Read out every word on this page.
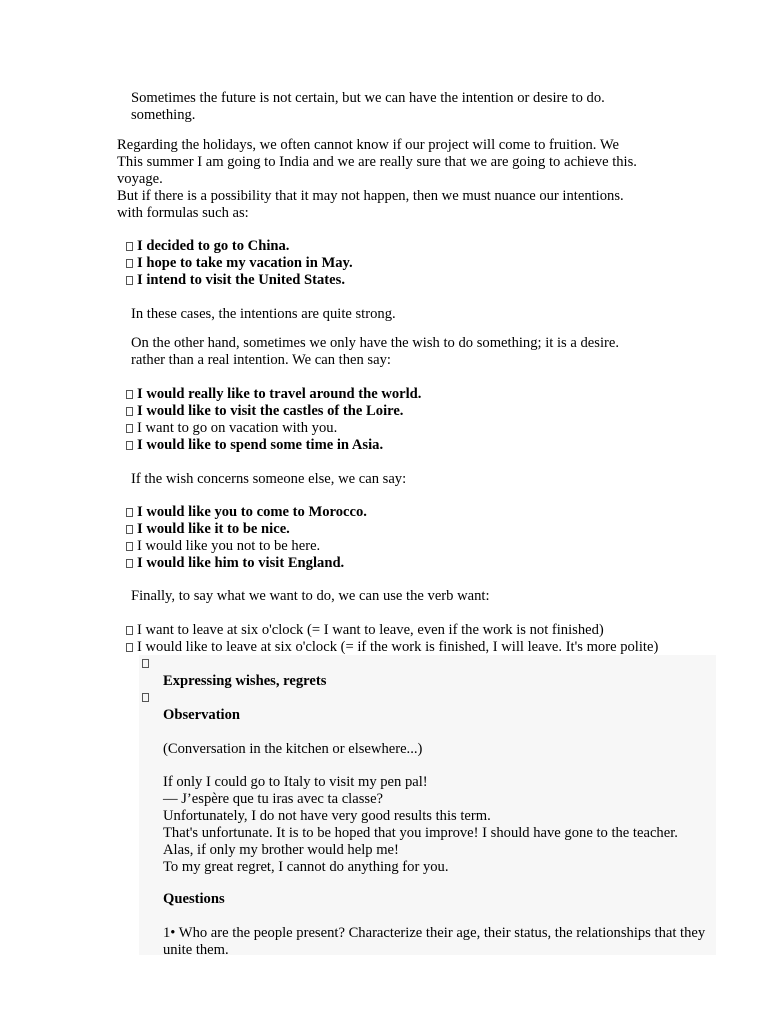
Sometimes the future is not certain, but we can have the intention or desire to do.
something.
Regarding the holidays, we often cannot know if our project will come to fruition. We
This summer I am going to India and we are really sure that we are going to achieve this.
voyage.
But if there is a possibility that it may not happen, then we must nuance our intentions.
with formulas such as:
I decided to go to China.
I hope to take my vacation in May.
I intend to visit the United States.
In these cases, the intentions are quite strong.
On the other hand, sometimes we only have the wish to do something; it is a desire.
rather than a real intention. We can then say:
I would really like to travel around the world.
I would like to visit the castles of the Loire.
I want to go on vacation with you.
I would like to spend some time in Asia.
If the wish concerns someone else, we can say:
I would like you to come to Morocco.
I would like it to be nice.
I would like you not to be here.
I would like him to visit England.
Finally, to say what we want to do, we can use the verb want:
I want to leave at six o'clock (= I want to leave, even if the work is not finished)
I would like to leave at six o'clock (= if the work is finished, I will leave. It's more polite)
Expressing wishes, regrets
Observation
(Conversation in the kitchen or elsewhere...)
If only I could go to Italy to visit my pen pal!
— J’espère que tu iras avec ta classe?
Unfortunately, I do not have very good results this term.
That's unfortunate. It is to be hoped that you improve! I should have gone to the teacher.
Alas, if only my brother would help me!
To my great regret, I cannot do anything for you.
Questions
1• Who are the people present? Characterize their age, their status, the relationships that they unite them.
